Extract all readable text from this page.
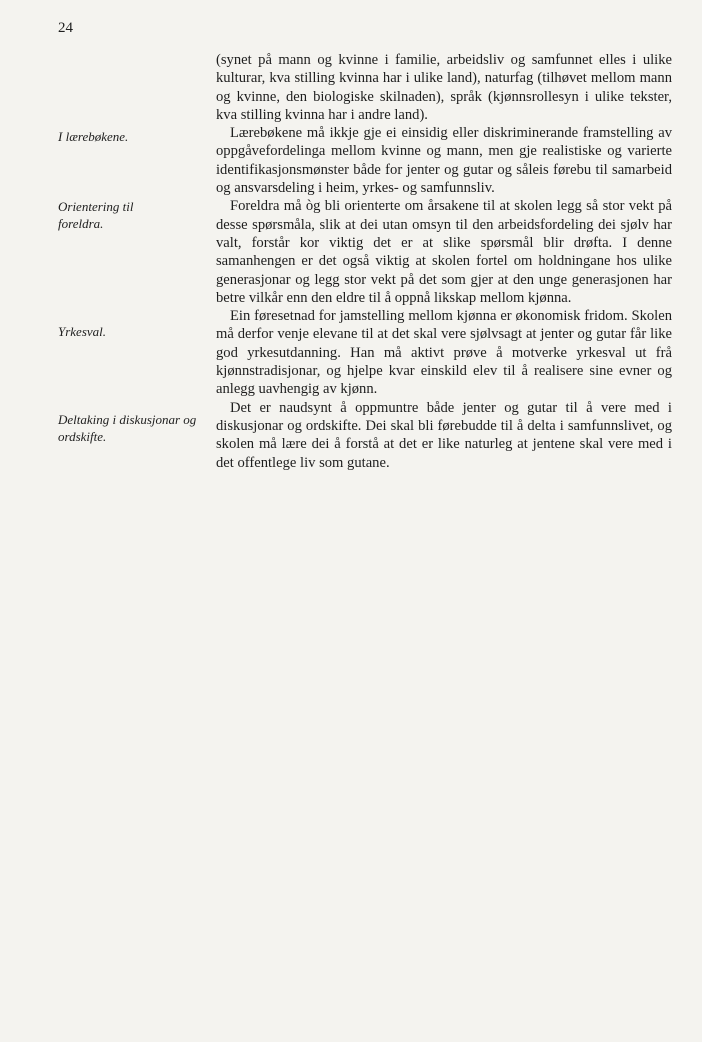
24
I lærebøkene.
Orientering til foreldra.
Yrkesval.
Deltaking i diskusjonar og ordskifte.

(synet på mann og kvinne i familie, arbeidsliv og samfunnet elles i ulike kulturar, kva stilling kvinna har i ulike land), naturfag (tilhøvet mellom mann og kvinne, den biologiske skilnaden), språk (kjønnsrollesyn i ulike tekster, kva stilling kvinna har i andre land).

Lærebøkene må ikkje gje ei einsidig eller diskriminerande framstelling av oppgåvefordelinga mellom kvinne og mann, men gje realistiske og varierte identifikasjonsmønster både for jenter og gutar og såleis førebu til samarbeid og ansvarsdeling i heim, yrkes- og samfunnsliv.

Foreldra må òg bli orienterte om årsakene til at skolen legg så stor vekt på desse spørsmåla, slik at dei utan omsyn til den arbeidsfordeling dei sjølv har valt, forstår kor viktig det er at slike spørsmål blir drøfta. I denne samanhengen er det også viktig at skolen fortel om holdningane hos ulike generasjonar og legg stor vekt på det som gjer at den unge generasjonen har betre vilkår enn den eldre til å oppnå likskap mellom kjønna.

Ein føresetnad for jamstelling mellom kjønna er økonomisk fridom. Skolen må derfor venje elevane til at det skal vere sjølvsagt at jenter og gutar får like god yrkesutdanning. Han må aktivt prøve å motverke yrkesval ut frå kjønnstradisjonar, og hjelpe kvar einskild elev til å realisere sine evner og anlegg uavhengig av kjønn.

Det er naudsynt å oppmuntre både jenter og gutar til å vere med i diskusjonar og ordskifte. Dei skal bli førebudde til å delta i samfunnslivet, og skolen må lære dei å forstå at det er like naturleg at jentene skal vere med i det offentlege liv som gutane.
